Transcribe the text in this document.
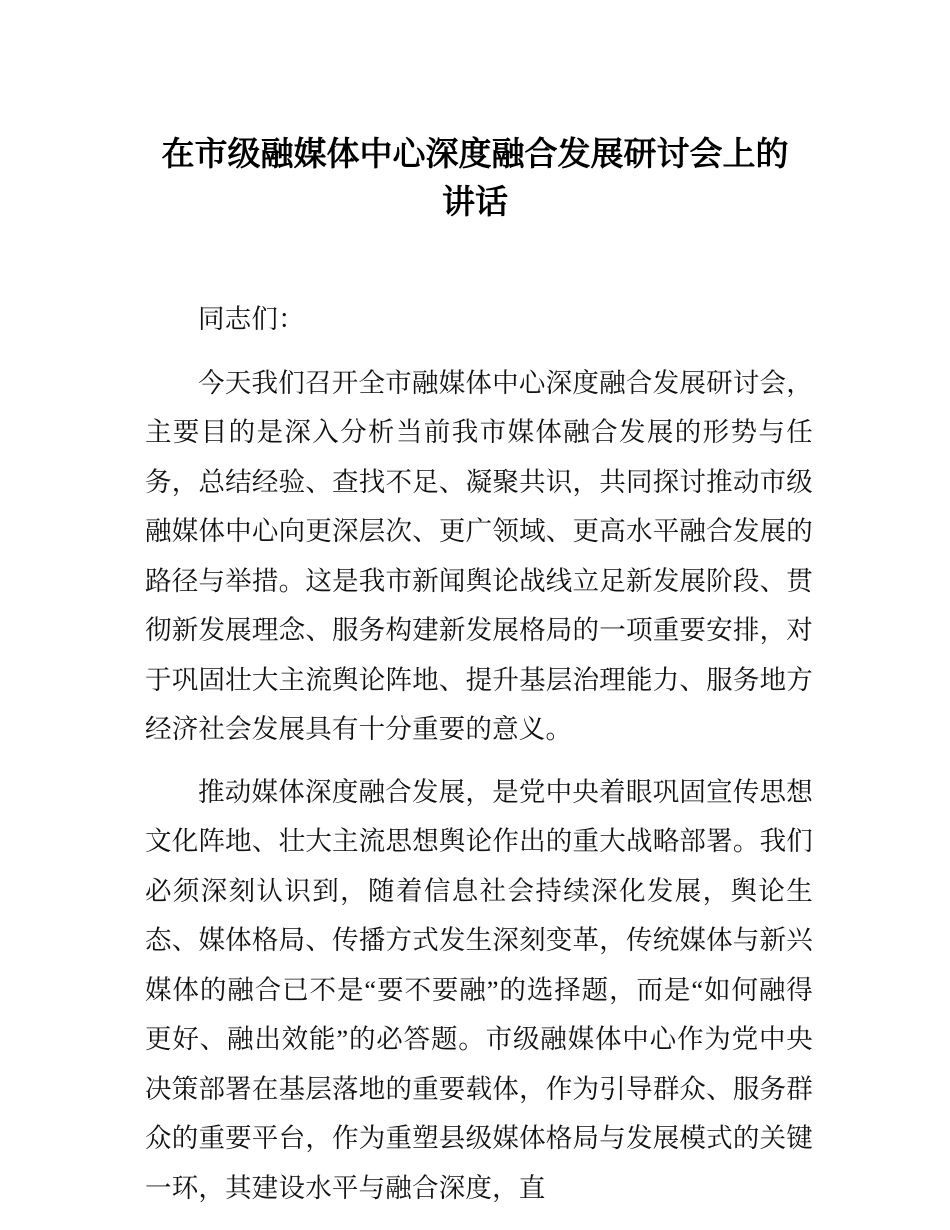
在市级融媒体中心深度融合发展研讨会上的讲话

同志们：

今天我们召开全市融媒体中心深度融合发展研讨会，主要目的是深入分析当前我市媒体融合发展的形势与任务，总结经验、查找不足、凝聚共识，共同探讨推动市级融媒体中心向更深层次、更广领域、更高水平融合发展的路径与举措。这是我市新闻舆论战线立足新发展阶段、贯彻新发展理念、服务构建新发展格局的一项重要安排，对于巩固壮大主流舆论阵地、提升基层治理能力、服务地方经济社会发展具有十分重要的意义。

推动媒体深度融合发展，是党中央着眼巩固宣传思想文化阵地、壮大主流思想舆论作出的重大战略部署。我们必须深刻认识到，随着信息社会持续深化发展，舆论生态、媒体格局、传播方式发生深刻变革，传统媒体与新兴媒体的融合已不是“要不要融”的选择题，而是“如何融得更好、融出效能”的必答题。市级融媒体中心作为党中央决策部署在基层落地的重要载体，作为引导群众、服务群众的重要平台，作为重塑县级媒体格局与发展模式的关键一环，其建设水平与融合深度，直
